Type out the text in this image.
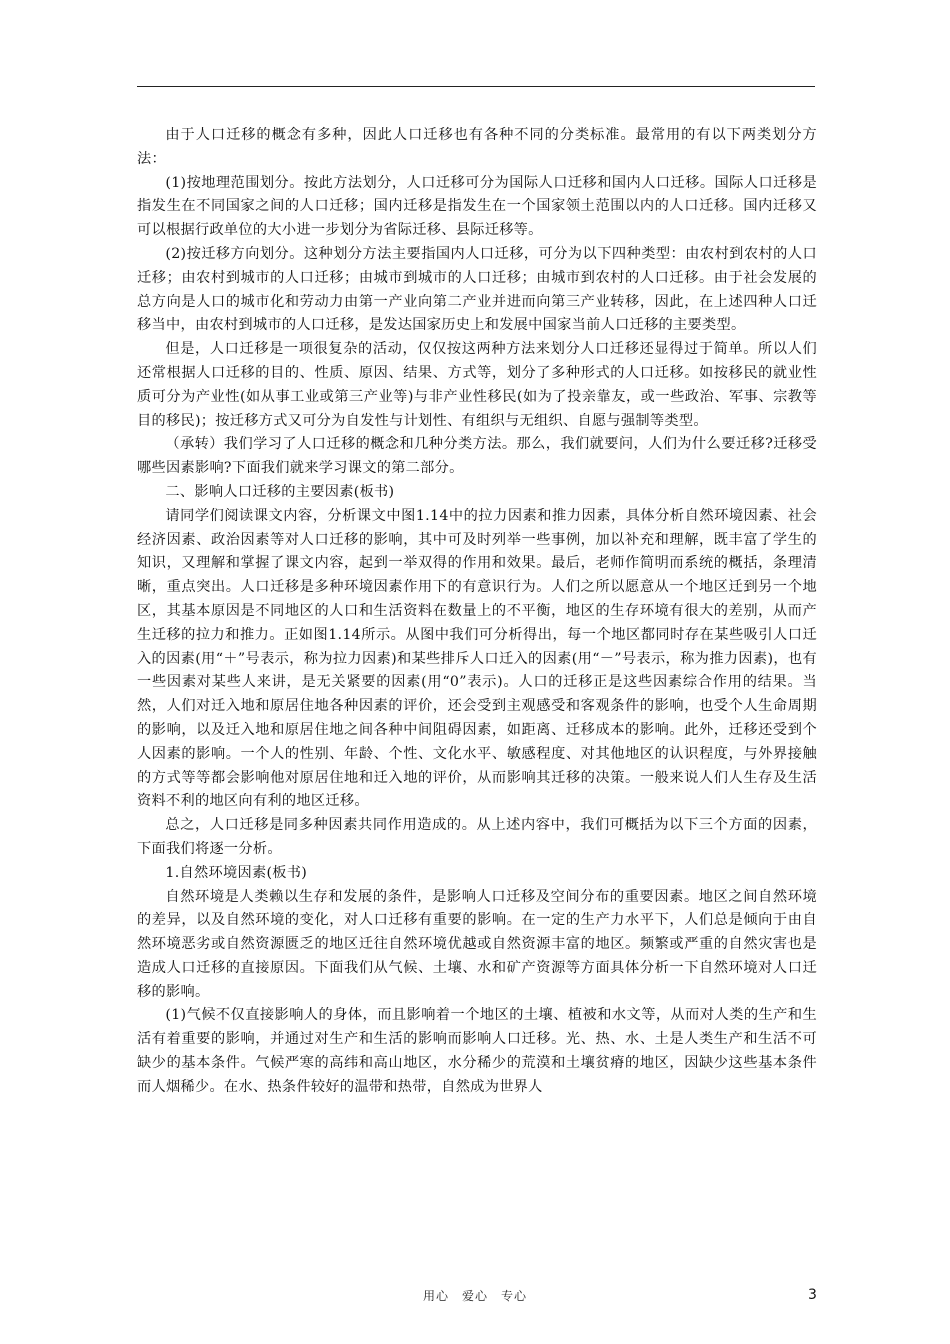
由于人口迁移的概念有多种，因此人口迁移也有各种不同的分类标准。最常用的有以下两类划分方法：

(1)按地理范围划分。按此方法划分，人口迁移可分为国际人口迁移和国内人口迁移。国际人口迁移是指发生在不同国家之间的人口迁移；国内迁移是指发生在一个国家领土范围以内的人口迁移。国内迁移又可以根据行政单位的大小进一步划分为省际迁移、县际迁移等。

(2)按迁移方向划分。这种划分方法主要指国内人口迁移，可分为以下四种类型：由农村到农村的人口迁移；由农村到城市的人口迁移；由城市到城市的人口迁移；由城市到农村的人口迁移。由于社会发展的总方向是人口的城市化和劳动力由第一产业向第二产业并进而向第三产业转移，因此，在上述四种人口迁移当中，由农村到城市的人口迁移，是发达国家历史上和发展中国家当前人口迁移的主要类型。

但是，人口迁移是一项很复杂的活动，仅仅按这两种方法来划分人口迁移还显得过于简单。所以人们还常根据人口迁移的目的、性质、原因、结果、方式等，划分了多种形式的人口迁移。如按移民的就业性质可分为产业性(如从事工业或第三产业等)与非产业性移民(如为了投亲靠友，或一些政治、军事、宗教等目的移民)；按迁移方式又可分为自发性与计划性、有组织与无组织、自愿与强制等类型。

（承转）我们学习了人口迁移的概念和几种分类方法。那么，我们就要问，人们为什么要迁移?迁移受哪些因素影响?下面我们就来学习课文的第二部分。

二、影响人口迁移的主要因素(板书)

请同学们阅读课文内容，分析课文中图1.14中的拉力因素和推力因素，具体分析自然环境因素、社会经济因素、政治因素等对人口迁移的影响，其中可及时列举一些事例，加以补充和理解，既丰富了学生的知识，又理解和掌握了课文内容，起到一举双得的作用和效果。最后，老师作简明而系统的概括，条理清晰，重点突出。人口迁移是多种环境因素作用下的有意识行为。人们之所以愿意从一个地区迁到另一个地区，其基本原因是不同地区的人口和生活资料在数量上的不平衡，地区的生存环境有很大的差别，从而产生迁移的拉力和推力。正如图1.14所示。从图中我们可分析得出，每一个地区都同时存在某些吸引人口迁入的因素(用“＋”号表示，称为拉力因素)和某些排斥人口迁入的因素(用“－”号表示，称为推力因素)，也有一些因素对某些人来讲，是无关紧要的因素(用“0”表示)。人口的迁移正是这些因素综合作用的结果。当然，人们对迁入地和原居住地各种因素的评价，还会受到主观感受和客观条件的影响，也受个人生命周期的影响，以及迁入地和原居住地之间各种中间阻碍因素，如距离、迁移成本的影响。此外，迁移还受到个人因素的影响。一个人的性别、年龄、个性、文化水平、敏感程度、对其他地区的认识程度，与外界接触的方式等等都会影响他对原居住地和迁入地的评价，从而影响其迁移的决策。一般来说人们人生存及生活资料不利的地区向有利的地区迁移。

总之，人口迁移是同多种因素共同作用造成的。从上述内容中，我们可概括为以下三个方面的因素，下面我们将逐一分析。

1.自然环境因素(板书)

自然环境是人类赖以生存和发展的条件，是影响人口迁移及空间分布的重要因素。地区之间自然环境的差异，以及自然环境的变化，对人口迁移有重要的影响。在一定的生产力水平下，人们总是倾向于由自然环境恶劣或自然资源匮乏的地区迁往自然环境优越或自然资源丰富的地区。频繁或严重的自然灾害也是造成人口迁移的直接原因。下面我们从气候、土壤、水和矿产资源等方面具体分析一下自然环境对人口迁移的影响。

(1)气候不仅直接影响人的身体，而且影响着一个地区的土壤、植被和水文等，从而对人类的生产和生活有着重要的影响，并通过对生产和生活的影响而影响人口迁移。光、热、水、土是人类生产和生活不可缺少的基本条件。气候严寒的高纬和高山地区，水分稀少的荒漠和土壤贫瘠的地区，因缺少这些基本条件而人烟稀少。在水、热条件较好的温带和热带，自然成为世界人

用心　爱心　专心	3
